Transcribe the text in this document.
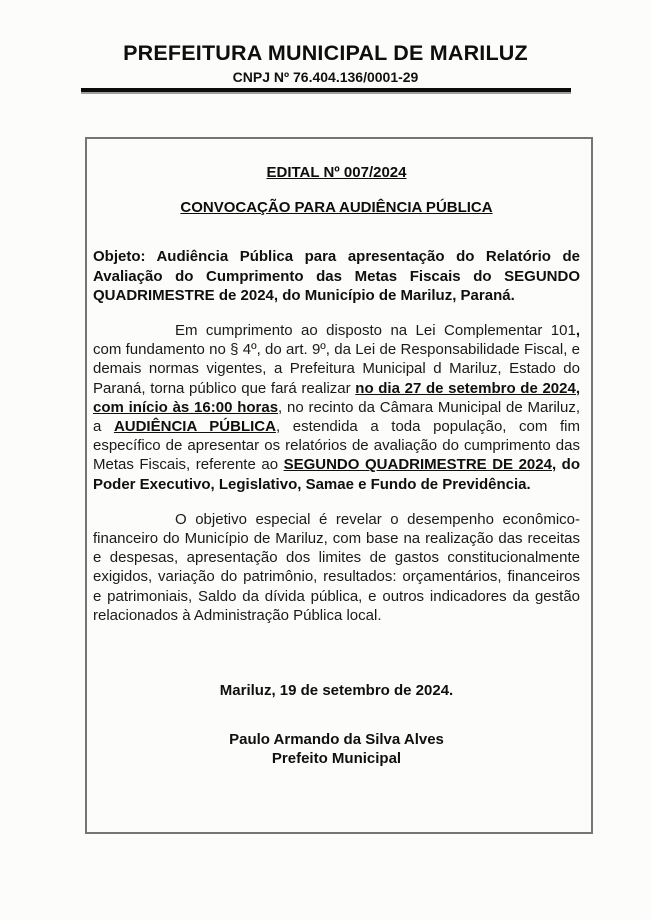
PREFEITURA MUNICIPAL DE MARILUZ
CNPJ Nº 76.404.136/0001-29
EDITAL Nº 007/2024
CONVOCAÇÃO PARA AUDIÊNCIA PÚBLICA

Objeto: Audiência Pública para apresentação do Relatório de Avaliação do Cumprimento das Metas Fiscais do SEGUNDO QUADRIMESTRE de 2024, do Município de Mariluz, Paraná.

Em cumprimento ao disposto na Lei Complementar 101, com fundamento no § 4º, do art. 9º, da Lei de Responsabilidade Fiscal, e demais normas vigentes, a Prefeitura Municipal d Mariluz, Estado do Paraná, torna público que fará realizar no dia 27 de setembro de 2024, com início às 16:00 horas, no recinto da Câmara Municipal de Mariluz, a AUDIÊNCIA PÚBLICA, estendida a toda população, com fim específico de apresentar os relatórios de avaliação do cumprimento das Metas Fiscais, referente ao SEGUNDO QUADRIMESTRE DE 2024, do Poder Executivo, Legislativo, Samae e Fundo de Previdência.

O objetivo especial é revelar o desempenho econômico-financeiro do Município de Mariluz, com base na realização das receitas e despesas, apresentação dos limites de gastos constitucionalmente exigidos, variação do patrimônio, resultados: orçamentários, financeiros e patrimoniais, Saldo da dívida pública, e outros indicadores da gestão relacionados à Administração Pública local.

Mariluz, 19 de setembro de 2024.
Paulo Armando da Silva Alves
Prefeito Municipal
